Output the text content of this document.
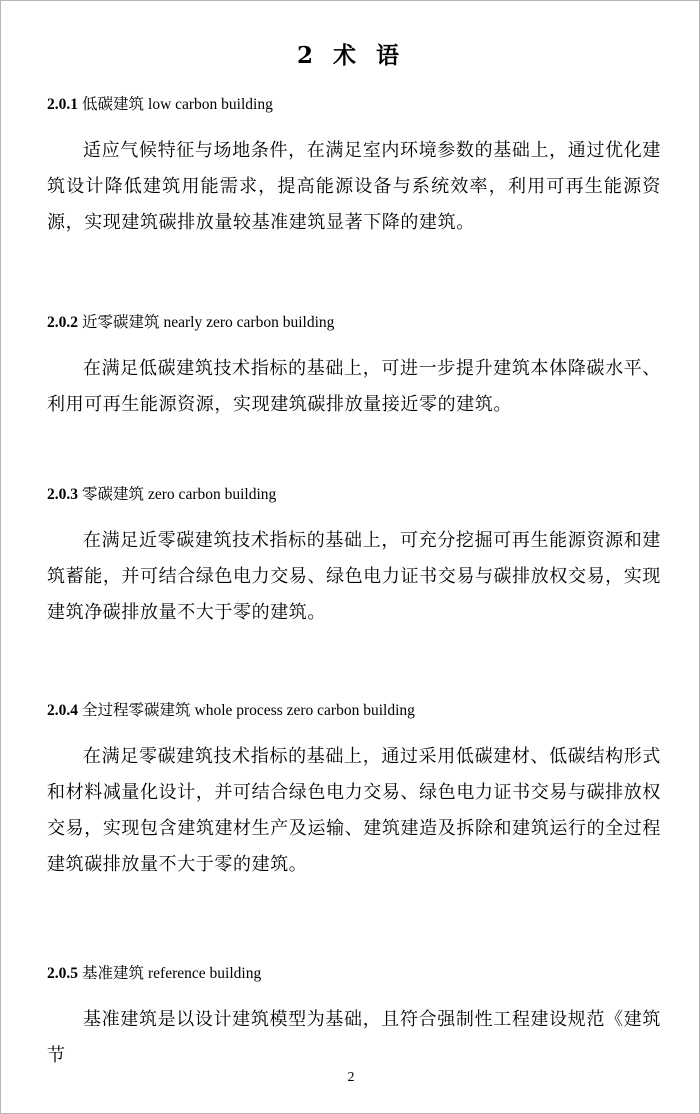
2 术 语

2.0.1 低碳建筑 low carbon building

适应气候特征与场地条件，在满足室内环境参数的基础上，通过优化建筑设计降低建筑用能需求，提高能源设备与系统效率，利用可再生能源资源，实现建筑碳排放量较基准建筑显著下降的建筑。

2.0.2 近零碳建筑 nearly zero carbon building

在满足低碳建筑技术指标的基础上，可进一步提升建筑本体降碳水平、利用可再生能源资源，实现建筑碳排放量接近零的建筑。

2.0.3 零碳建筑 zero carbon building

在满足近零碳建筑技术指标的基础上，可充分挖掘可再生能源资源和建筑蓄能，并可结合绿色电力交易、绿色电力证书交易与碳排放权交易，实现建筑净碳排放量不大于零的建筑。

2.0.4 全过程零碳建筑 whole process zero carbon building

在满足零碳建筑技术指标的基础上，通过采用低碳建材、低碳结构形式和材料减量化设计，并可结合绿色电力交易、绿色电力证书交易与碳排放权交易，实现包含建筑建材生产及运输、建筑建造及拆除和建筑运行的全过程建筑碳排放量不大于零的建筑。

2.0.5 基准建筑 reference building

基准建筑是以设计建筑模型为基础，且符合强制性工程建设规范《建筑节

2
